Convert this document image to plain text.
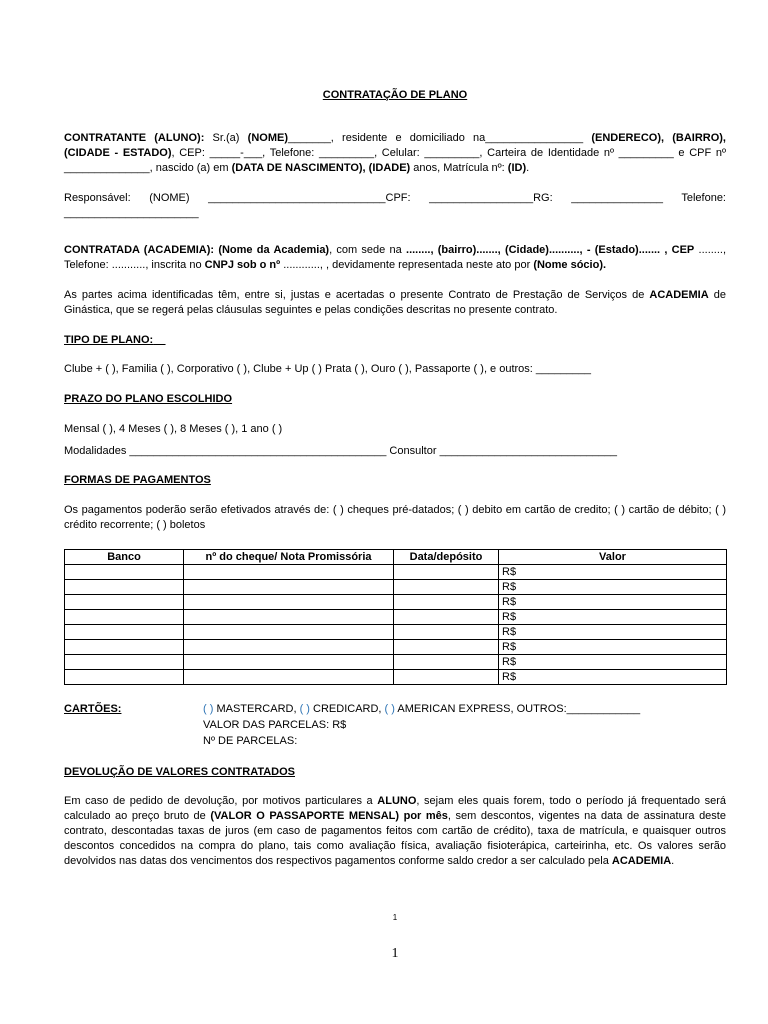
CONTRATAÇÃO DE PLANO
CONTRATANTE (ALUNO): Sr.(a) (NOME)_______, residente e domiciliado na________________ (ENDERECO), (BAIRRO), (CIDADE - ESTADO), CEP: _____-___, Telefone: _________, Celular: _________, Carteira de Identidade nº _________ e CPF nº ______________, nascido (a) em (DATA DE NASCIMENTO), (IDADE) anos, Matrícula nº: (ID).
Responsável: (NOME) _____________________________CPF: _________________RG: _______________ Telefone:
______________________
CONTRATADA (ACADEMIA): (Nome da Academia), com sede na ........, (bairro)......., (Cidade).........., - (Estado)....... , CEP ........, Telefone: ..........., inscrita no CNPJ sob o nº ............, , devidamente representada neste ato por (Nome sócio).
As partes acima identificadas têm, entre si, justas e acertadas o presente Contrato de Prestação de Serviços de ACADEMIA de Ginástica, que se regerá pelas cláusulas seguintes e pelas condições descritas no presente contrato.
TIPO DE PLANO:__
Clube + ( ), Familia ( ), Corporativo ( ), Clube + Up ( ) Prata ( ), Ouro ( ), Passaporte ( ), e outros: _________
PRAZO DO PLANO ESCOLHIDO
Mensal ( ), 4 Meses ( ), 8 Meses ( ), 1 ano ( )
Modalidades __________________________________________ Consultor _____________________________
FORMAS DE PAGAMENTOS
Os pagamentos poderão serão efetivados através de: ( ) cheques pré-datados; ( ) debito em cartão de credito; ( ) cartão de débito; ( ) crédito recorrente; ( ) boletos
Banco	nº do cheque/ Nota Promissória	Data/depósito	Valor
			R$
			R$
			R$
			R$
			R$
			R$
			R$
			R$
CARTÕES:	( ) MASTERCARD, ( ) CREDICARD, ( ) AMERICAN EXPRESS, OUTROS:____________
VALOR DAS PARCELAS: R$
Nº DE PARCELAS:
DEVOLUÇÃO DE VALORES CONTRATADOS
Em caso de pedido de devolução, por motivos particulares a ALUNO, sejam eles quais forem, todo o período já frequentado será calculado ao preço bruto de (VALOR O PASSAPORTE MENSAL) por mês, sem descontos, vigentes na data de assinatura deste contrato, descontadas taxas de juros (em caso de pagamentos feitos com cartão de crédito), taxa de matrícula, e quaisquer outros descontos concedidos na compra do plano, tais como avaliação física, avaliação fisioterápica, carteirinha, etc. Os valores serão devolvidos nas datas dos vencimentos dos respectivos pagamentos conforme saldo credor a ser calculado pela ACADEMIA.
1
1
